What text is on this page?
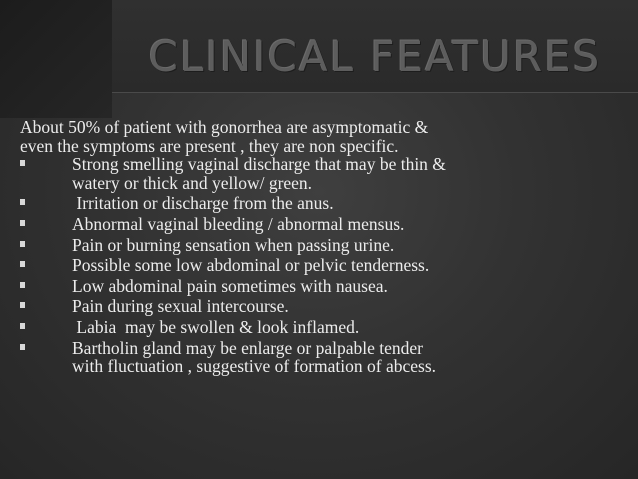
CLINICAL FEATURES
About 50% of patient with gonorrhea are asymptomatic &
even the symptoms are present , they are non specific.
Strong smelling vaginal discharge that may be thin &
watery or thick and yellow/ green.
Irritation or discharge from the anus.
Abnormal vaginal bleeding / abnormal mensus.
Pain or burning sensation when passing urine.
Possible some low abdominal or pelvic tenderness.
Low abdominal pain sometimes with nausea.
Pain during sexual intercourse.
Labia  may be swollen & look inflamed.
Bartholin gland may be enlarge or palpable tender
with fluctuation , suggestive of formation of abcess.
